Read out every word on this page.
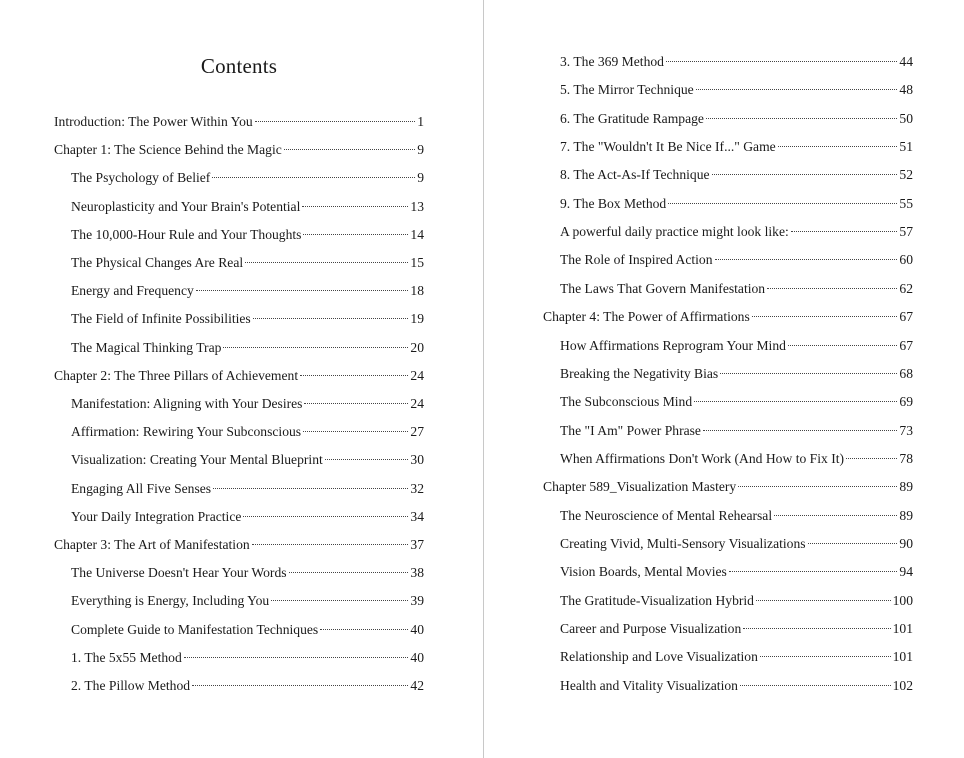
Contents
Introduction: The Power Within You	1
Chapter 1: The Science Behind the Magic	9
The Psychology of Belief	9
Neuroplasticity and Your Brain's Potential	13
The 10,000-Hour Rule and Your Thoughts	14
The Physical Changes Are Real	15
Energy and Frequency	18
The Field of Infinite Possibilities	19
The Magical Thinking Trap	20
Chapter 2: The Three Pillars of Achievement	24
Manifestation: Aligning with Your Desires	24
Affirmation: Rewiring Your Subconscious	27
Visualization: Creating Your Mental Blueprint	30
Engaging All Five Senses	32
Your Daily Integration Practice	34
Chapter 3: The Art of Manifestation	37
The Universe Doesn't Hear Your Words	38
Everything is Energy, Including You	39
Complete Guide to Manifestation Techniques	40
1. The 5x55 Method	40
2. The Pillow Method	42
3. The 369 Method	44
5. The Mirror Technique	48
6. The Gratitude Rampage	50
7. The "Wouldn't It Be Nice If..." Game	51
8. The Act-As-If Technique	52
9. The Box Method	55
A powerful daily practice might look like:	57
The Role of Inspired Action	60
The Laws That Govern Manifestation	62
Chapter 4: The Power of Affirmations	67
How Affirmations Reprogram Your Mind	67
Breaking the Negativity Bias	68
The Subconscious Mind	69
The "I Am" Power Phrase	73
When Affirmations Don't Work (And How to Fix It)	78
Chapter 589_Visualization Mastery	89
The Neuroscience of Mental Rehearsal	89
Creating Vivid, Multi-Sensory Visualizations	90
Vision Boards, Mental Movies	94
The Gratitude-Visualization Hybrid	100
Career and Purpose Visualization	101
Relationship and Love Visualization	101
Health and Vitality Visualization	102
